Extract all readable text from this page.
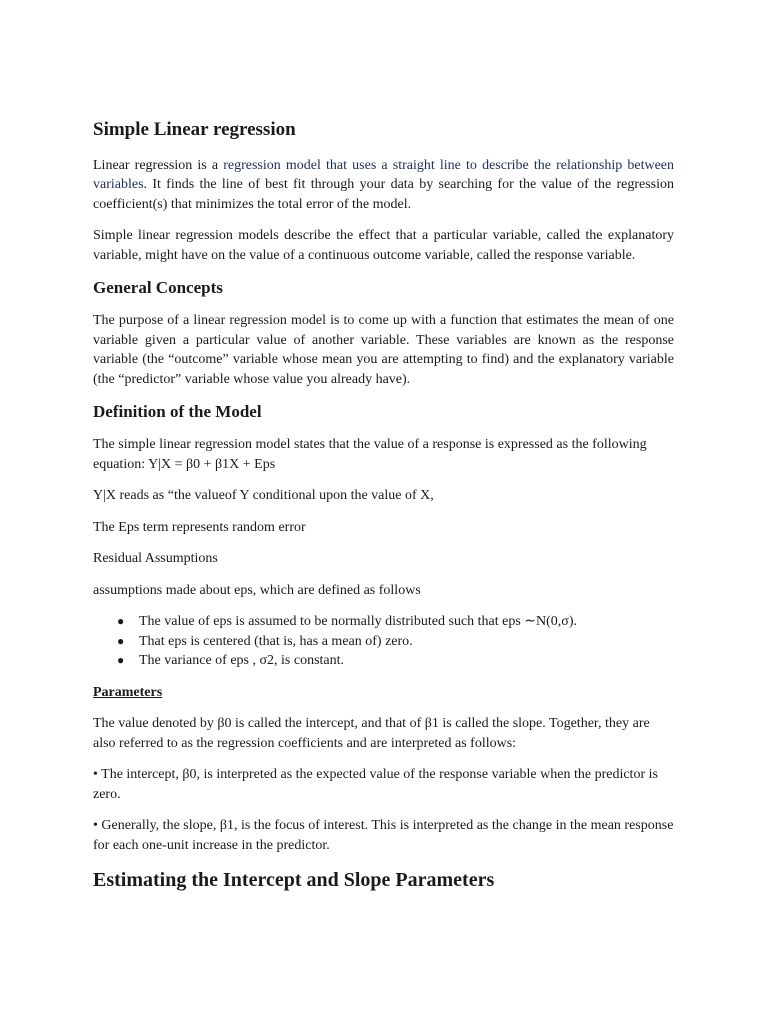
Simple Linear regression

Linear regression is a regression model that uses a straight line to describe the relationship between variables. It finds the line of best fit through your data by searching for the value of the regression coefficient(s) that minimizes the total error of the model.

Simple linear regression models describe the effect that a particular variable, called the explanatory variable, might have on the value of a continuous outcome variable, called the response variable.

General Concepts

The purpose of a linear regression model is to come up with a function that estimates the mean of one variable given a particular value of another variable. These variables are known as the response variable (the “outcome” variable whose mean you are attempting to find) and the explanatory variable (the “predictor” variable whose value you already have).

Definition of the Model

The simple linear regression model states that the value of a response is expressed as the following equation: Y|X = β0 + β1X + Eps

Y|X reads as “the valueof Y conditional upon the value of X,

The Eps term represents random error

Residual Assumptions

assumptions made about eps, which are defined as follows

● The value of eps is assumed to be normally distributed such that eps ∼N(0,σ).
● That eps is centered (that is, has a mean of) zero.
● The variance of eps , σ2, is constant.

Parameters

The value denoted by β0 is called the intercept, and that of β1 is called the slope. Together, they are also referred to as the regression coefficients and are interpreted as follows:

• The intercept, β0, is interpreted as the expected value of the response variable when the predictor is zero.

• Generally, the slope, β1, is the focus of interest. This is interpreted as the change in the mean response for each one-unit increase in the predictor.

Estimating the Intercept and Slope Parameters
